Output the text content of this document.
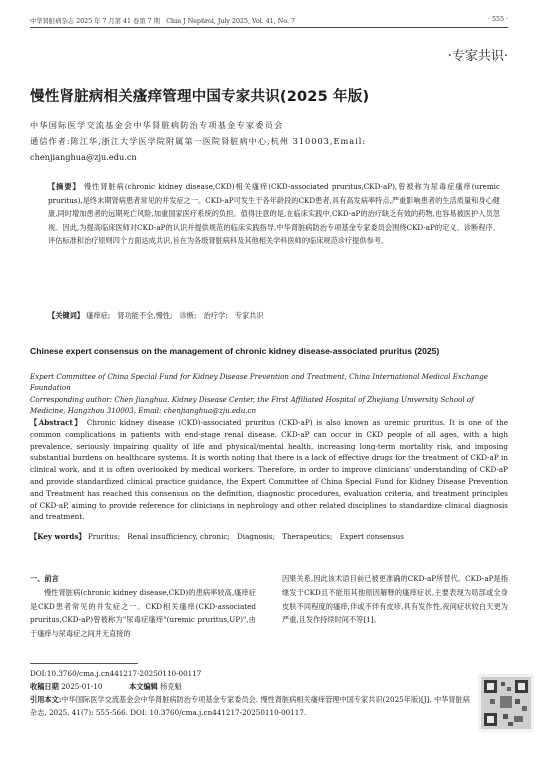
中华肾脏病杂志 2025 年 7 月第 41 卷第 7 期　Chin J Nephrol, July 2025, Vol. 41, No. 7	· 555 ·
·专家共识·
慢性肾脏病相关瘙痒管理中国专家共识(2025 年版)
中华国际医学交流基金会中华肾脏病防治专项基金专家委员会
通信作者:陈江华,浙江大学医学院附属第一医院肾脏病中心,杭州 310003,Email:
chenjianghua@zju.edu.cn
【摘要】 慢性肾脏病(chronic kidney disease,CKD)相关瘙痒(CKD-associated pruritus,CKD-aP),曾被称为尿毒症瘙痒(uremic pruritus),是终末期肾病患者常见的并发症之一。CKD-aP可发生于各年龄段的CKD患者,具有高发病率特点,严重影响患者的生活质量和身心健康,同时增加患者的远期死亡风险,加重国家医疗系统的负担。值得注意的是,在临床实践中,CKD-aP的治疗缺乏有效的药物,也容易被医护人员忽视。因此,为提高临床医师对CKD-aP的认识并提供规范的临床实践指导,中华肾脏病防治专项基金专家委员会围绕CKD-aP的定义、诊断程序、评估标准和治疗原则四个方面达成共识,旨在为各级肾脏病科及其他相关学科医师的临床规范诊疗提供参考。
【关键词】 瘙痒症;　肾功能不全,慢性;　诊断;　治疗学;　专家共识
Chinese expert consensus on the management of chronic kidney disease-associated pruritus (2025)
Expert Committee of China Special Fund for Kidney Disease Prevention and Treatment, China International Medical Exchange Foundation
Corresponding author: Chen Jianghua, Kidney Disease Center, the First Affiliated Hospital of Zhejiang University School of Medicine, Hangzhou 310003, Email: chenjianghua@zju.edu.cn
【Abstract】 Chronic kidney disease (CKD)-associated pruritus (CKD-aP) is also known as uremic pruritus. It is one of the common complications in patients with end-stage renal disease. CKD-aP can occur in CKD people of all ages, with a high prevalence, seriously impairing quality of life and physical/mental health, increasing long-term mortality risk, and imposing substantial burdens on healthcare systems. It is worth noting that there is a lack of effective drugs for the treatment of CKD-aP in clinical work, and it is often overlooked by medical workers. Therefore, in order to improve clinicians' understanding of CKD-aP and provide standardized clinical practice guidance, the Expert Committee of China Special Fund for Kidney Disease Prevention and Treatment has reached this consensus on the definition, diagnostic procedures, evaluation criteria, and treatment principles of CKD-aP, aiming to provide reference for clinicians in nephrology and other related disciplines to standardize clinical diagnosis and treatment.
【Key words】 Pruritus;　Renal insufficiency, chronic;　Diagnosis;　Therapeutics;　Expert consensus
一、前言
慢性肾脏病(chronic kidney disease,CKD)的患病率较高,瘙痒症是CKD患者常见的并发症之一。CKD相关瘙痒(CKD-associated pruritus,CKD-aP)曾被称为"尿毒症瘙痒"(uremic pruritus,UP)",由于瘙痒与尿毒症之间并无直接的
因果关系,因此该术语目前已被更准确的CKD-aP所替代。CKD-aP是指继发于CKD且不能用其他原因解释的瘙痒症状,主要表现为局部或全身皮肤不同程度的瘙痒,伴或不伴有皮疹,具有发作性,夜间症状较白天更为严重,且发作持续时间不等[1]。
DOI:10.3760/cma.j.cn441217-20250110-00117
收稿日期 2025-01-10	本文编辑 杨克魁
引用本文:中华国际医学交流基金会中华肾脏病防治专项基金专家委员会. 慢性肾脏病相关瘙痒管理中国专家共识(2025年版)[J]. 中华肾脏病杂志, 2025, 41(7): 555-566. DOI: 10.3760/cma.j.cn441217-20250110-00117.
